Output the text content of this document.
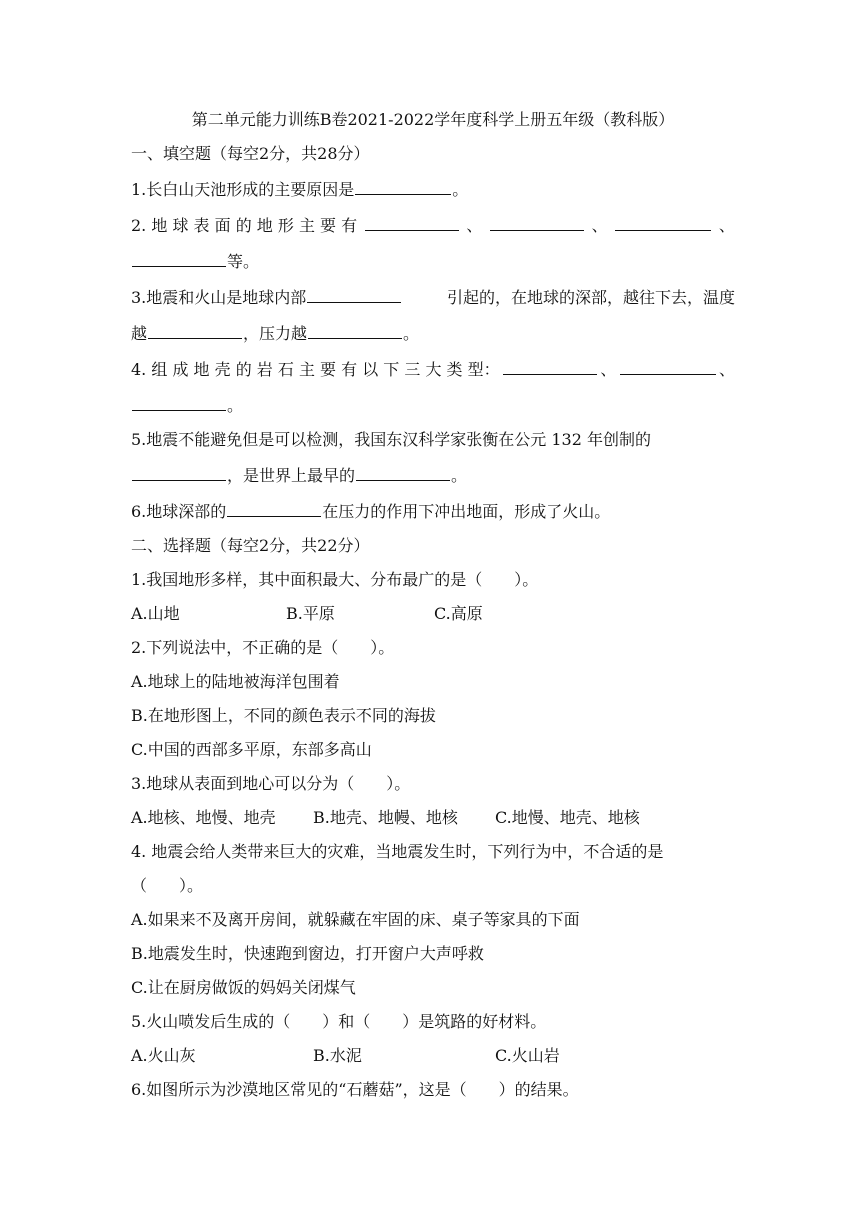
第二单元能力训练B卷2021-2022学年度科学上册五年级（教科版）
一、填空题（每空2分，共28分）
1.长白山天池形成的主要原因是	。
2. 地 球 表 面 的 地 形 主 要 有	、	、	、
等。
3.地震和火山是地球内部	引起的，在地球的深部，越往下去，温度
越	，压力越	。
4. 组 成 地 壳 的 岩 石 主 要 有 以 下 三 大 类 型：	、	、
。
5.地震不能避免但是可以检测，我国东汉科学家张衡在公元 132 年创制的
，是世界上最早的	。
6.地球深部的	在压力的作用下冲出地面，形成了火山。
二、选择题（每空2分，共22分）
1.我国地形多样，其中面积最大、分布最广的是（　　）。
A.山地	B.平原	C.高原
2.下列说法中，不正确的是（　　）。
A.地球上的陆地被海洋包围着
B.在地形图上，不同的颜色表示不同的海拔
C.中国的西部多平原，东部多高山
3.地球从表面到地心可以分为（　　）。
A.地核、地慢、地壳	B.地壳、地幔、地核	C.地慢、地壳、地核
4. 地震会给人类带来巨大的灾难，当地震发生时，下列行为中，不合适的是
（　　）。
A.如果来不及离开房间，就躲藏在牢固的床、桌子等家具的下面
B.地震发生时，快速跑到窗边，打开窗户大声呼救
C.让在厨房做饭的妈妈关闭煤气
5.火山喷发后生成的（　　）和（　　）是筑路的好材料。
A.火山灰	B.水泥	C.火山岩
6.如图所示为沙漠地区常见的“石蘑菇”，这是（　　）的结果。
